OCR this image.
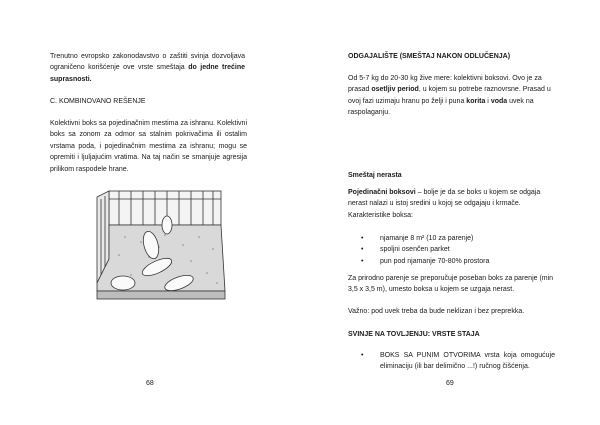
Trenutno evropsko zakonodavstvo o zaštiti svinja dozvoljava ograničeno korišćenje ove vrste smeštaja do jedne trećine suprasnosti.
C. KOMBINOVANO REŠENJE
Kolektivni boks sa pojedinačnim mestima za ishranu. Kolektivni boks sa zonom za odmor sa stalnim pokrivačima ili ostalim vrstama poda, i pojedinačnim mestima za ishranu; mogu se opremiti i ljuljajućim vratima. Na taj način se smanjuje agresija prilikom raspodele hrane.
68
ODGAJALIŠTE (SMEŠTAJ NAKON ODLUČENJA)
Od 5-7 kg do 20-30 kg žive mere: kolektivni boksovi. Ovo je za prasad osetljiv period, u kojem su potrebe raznovrsne. Prasad u ovoj fazi uzimaju hranu po želji i puna korita i voda uvek na raspolaganju.
Smeštaj nerasta
Pojedinačni boksovi – bolje je da se boks u kojem se odgaja nerast nalazi u istoj sredini u kojoj se odgajaju i krmače. Karakteristike boksa:
• njamanje 8 m² (10 za parenje)
• spoljni osenčen parket
• pun pod njamanje 70-80% prostora
Za prirodno parenje se preporučuje poseban boks za parenje (min 3,5 x 3,5 m), umesto boksa u kojem se uzgaja nerast.
Važno: pod uvek treba da bude neklizan i bez preprekka.
SVINJE NA TOVLJENJU: VRSTE STAJA
• BOKS SA PUNIM OTVORIMA vrsta koja omogućuje eliminaciju (ili bar delimično ...!) ručnog čišćenja.
69
